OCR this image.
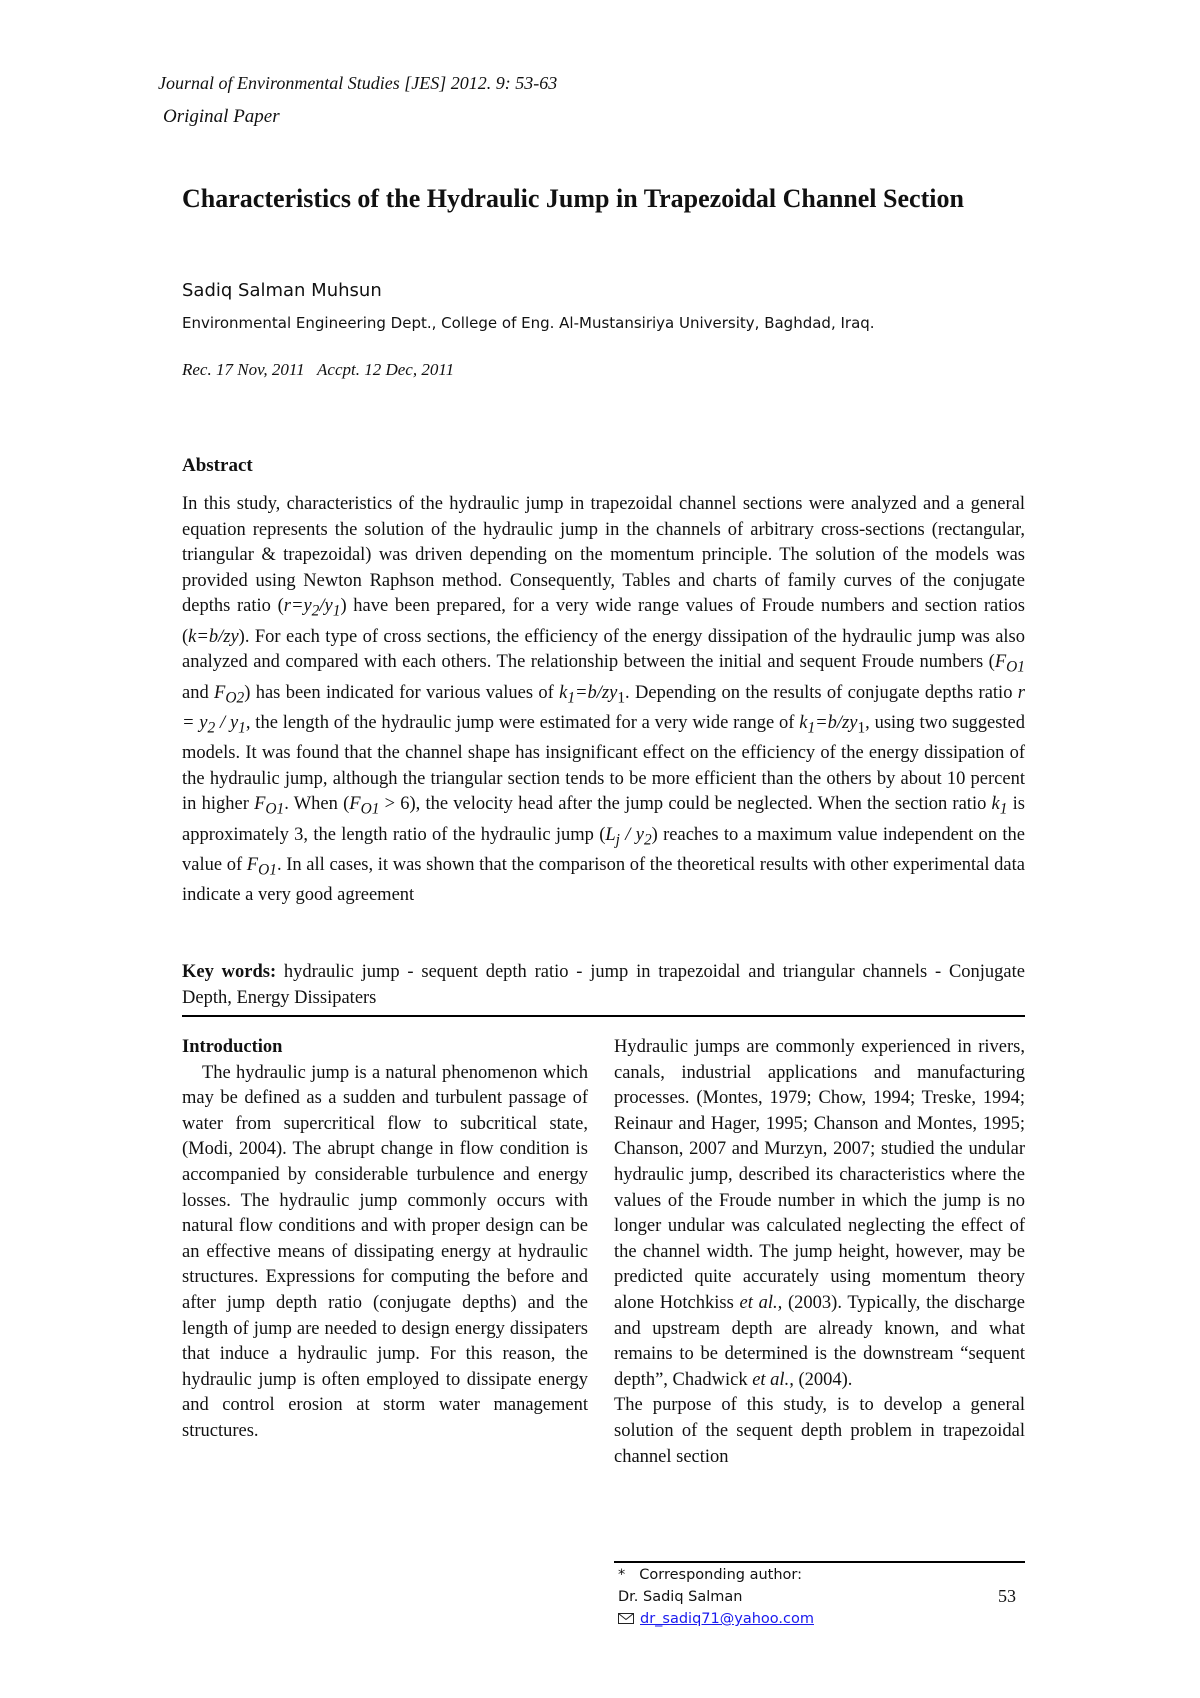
Journal of Environmental Studies [JES] 2012. 9: 53-63
Original Paper
Characteristics of the Hydraulic Jump in Trapezoidal Channel Section
Sadiq Salman Muhsun
Environmental Engineering Dept., College of Eng. Al-Mustansiriya University, Baghdad, Iraq.
Rec. 17 Nov, 2011   Accpt. 12 Dec, 2011
Abstract

In this study, characteristics of the hydraulic jump in trapezoidal channel sections were analyzed and a general equation represents the solution of the hydraulic jump in the channels of arbitrary cross-sections (rectangular, triangular & trapezoidal) was driven depending on the momentum principle. The solution of the models was provided using Newton Raphson method. Consequently, Tables and charts of family curves of the conjugate depths ratio $(r=y_2/y_1)$ have been prepared, for a very wide range values of Froude numbers and section ratios (k=b/zy). For each type of cross sections, the efficiency of the energy dissipation of the hydraulic jump was also analyzed and compared with each others. The relationship between the initial and sequent Froude numbers ($F_{O1}$ and $F_{O2}$) has been indicated for various values of $k_1=b/zy_1$. Depending on the results of conjugate depths ratio $r = y_2 / y_1$, the length of the hydraulic jump were estimated for a very wide range of $k_1=b/zy_1$, using two suggested models. It was found that the channel shape has insignificant effect on the efficiency of the energy dissipation of the hydraulic jump, although the triangular section tends to be more efficient than the others by about 10 percent in higher $F_{O1}$. When $(F_{O1} > 6)$, the velocity head after the jump could be neglected. When the section ratio $k_1$ is approximately 3, the length ratio of the hydraulic jump $(L_j / y_2)$ reaches to a maximum value independent on the value of $F_{O1}$. In all cases, it was shown that the comparison of the theoretical results with other experimental data indicate a very good agreement

Key words: hydraulic jump - sequent depth ratio - jump in trapezoidal and triangular channels - Conjugate Depth, Energy Dissipaters

Introduction

The hydraulic jump is a natural phenomenon which may be defined as a sudden and turbulent passage of water from supercritical flow to subcritical state, (Modi, 2004). The abrupt change in flow condition is accompanied by considerable turbulence and energy losses. The hydraulic jump commonly occurs with natural flow conditions and with proper design can be an effective means of dissipating energy at hydraulic structures. Expressions for computing the before and after jump depth ratio (conjugate depths) and the length of jump are needed to design energy dissipaters that induce a hydraulic jump. For this reason, the hydraulic jump is often employed to dissipate energy and control erosion at storm water management structures.

Hydraulic jumps are commonly experienced in rivers, canals, industrial applications and manufacturing processes. (Montes, 1979; Chow, 1994; Treske, 1994; Reinaur and Hager, 1995; Chanson and Montes, 1995; Chanson, 2007 and Murzyn, 2007; studied the undular hydraulic jump, described its characteristics where the values of the Froude number in which the jump is no longer undular was calculated neglecting the effect of the channel width. The jump height, however, may be predicted quite accurately using momentum theory alone Hotchkiss et al., (2003). Typically, the discharge and upstream depth are already known, and what remains to be determined is the downstream “sequent depth”, Chadwick et al., (2004).

The purpose of this study, is to develop a general solution of the sequent depth problem in trapezoidal channel section

* Corresponding author:
Dr. Sadiq Salman
dr_sadiq71@yahoo.com
53
